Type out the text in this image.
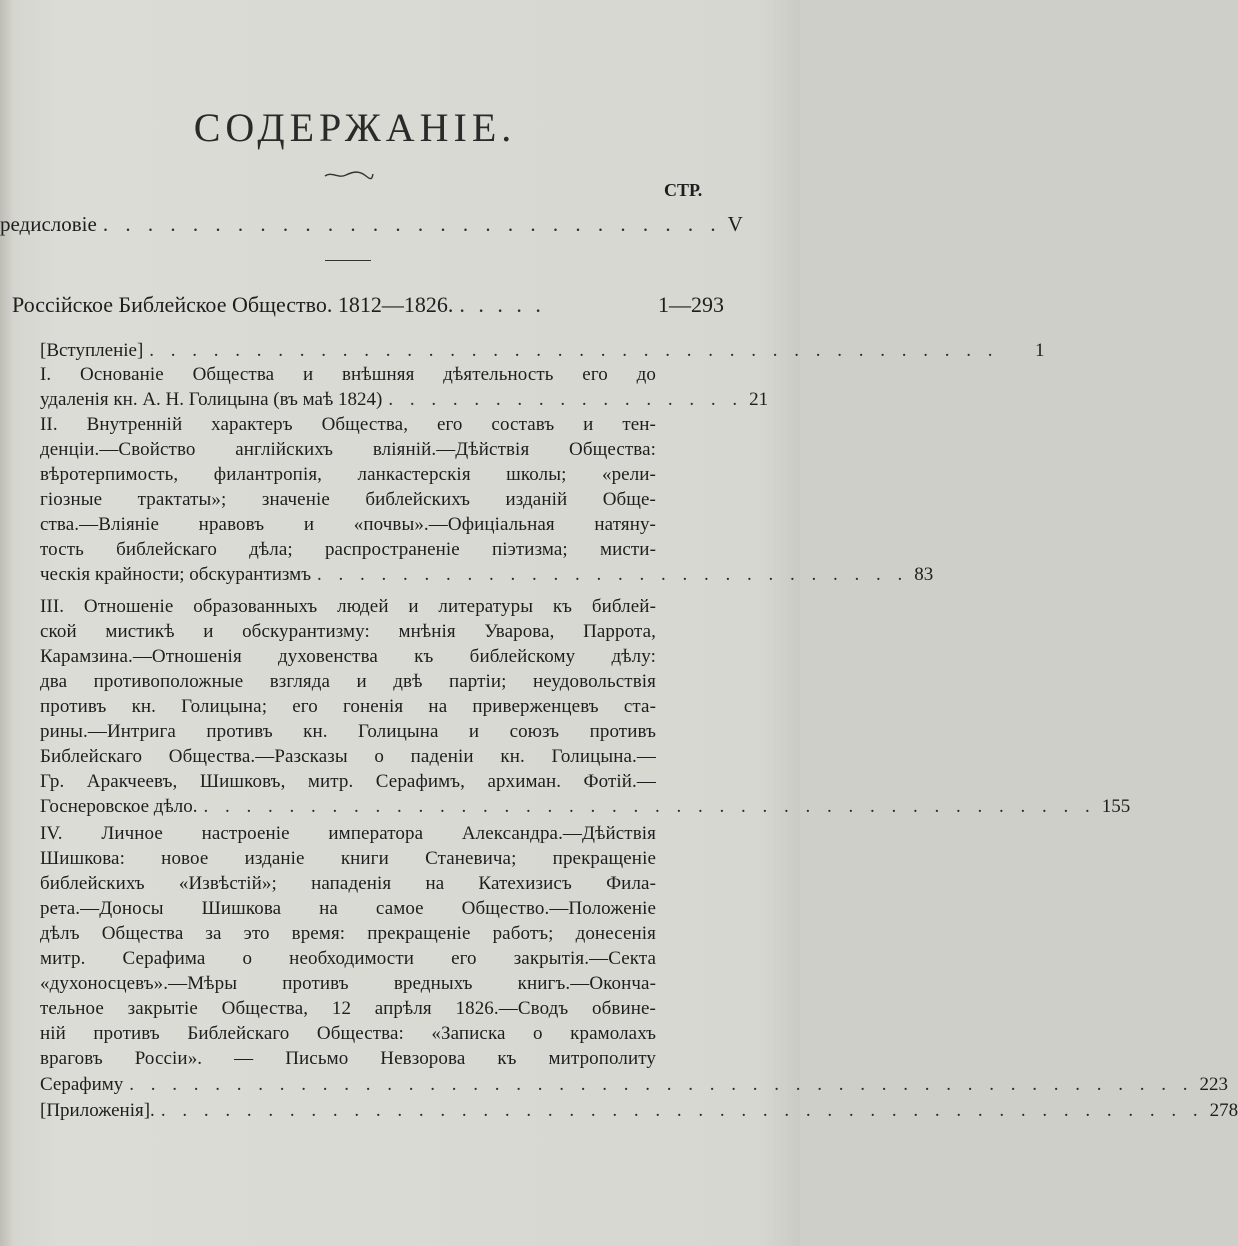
СОДЕРЖАНІЕ.
СТР.
редисловіе . . . . . . . . . . . . . . . . . . . . . . . . . . . . V
Россійское Библейское Общество. 1812—1826. . . . . .	1—293
[Вступленіе] . . . . . . . . . . . . . . . . . . . . . . . . . . . . . . . . . . . . . . . .	1
I. Основаніе Общества и внѣшняя дѣятельность его до
удаленія кн. А. Н. Голицына (въ маѣ 1824) . . . . . . . . . . . . . . . . . 21
II. Внутренній характеръ Общества, его составъ и тен-
денціи.—Свойство англійскихъ вліяній.—Дѣйствія Общества:
вѣротерпимость, филантропія, ланкастерскія школы; «рели-
гіозные трактаты»; значеніе библейскихъ изданій Обще-
ства.—Вліяніе нравовъ и «почвы».—Офиціальная натяну-
тость библейскаго дѣла; распространеніе піэтизма; мисти-
ческія крайности; обскурантизмъ . . . . . . . . . . . . . . . . . . . . . . . . . . . . 83
III. Отношеніе образованныхъ людей и литературы къ библей-
ской мистикѣ и обскурантизму: мнѣнія Уварова, Паррота,
Карамзина.—Отношенія духовенства къ библейскому дѣлу:
два противоположные взгляда и двѣ партіи; неудовольствія
противъ кн. Голицына; его гоненія на приверженцевъ ста-
рины.—Интрига противъ кн. Голицына и союзъ противъ
Библейскаго Общества.—Разсказы о паденіи кн. Голицына.—
Гр. Аракчеевъ, Шишковъ, митр. Серафимъ, архиман. Фотій.—
Госнеровское дѣло. . . . . . . . . . . . . . . . . . . . . . . . . . . . . . . . . . . . . . . . . . . 155
IV. Личное настроеніе императора Александра.—Дѣйствія
Шишкова: новое изданіе книги Станевича; прекращеніе
библейскихъ «Извѣстій»; нападенія на Катехизисъ Фила-
рета.—Доносы Шишкова на самое Общество.—Положеніе
дѣлъ Общества за это время: прекращеніе работъ; донесенія
митр. Серафима о необходимости его закрытія.—Секта
«духоносцевъ».—Мѣры противъ вредныхъ книгъ.—Оконча-
тельное закрытіе Общества, 12 апрѣля 1826.—Сводъ обвине-
ній противъ Библейскаго Общества: «Записка о крамолахъ
враговъ Россіи». — Письмо Невзорова къ митрополиту
Серафиму . . . . . . . . . . . . . . . . . . . . . . . . . . . . . . . . . . . . . . . . . . . . . . . . . . 223
[Приложенія]. . . . . . . . . . . . . . . . . . . . . . . . . . . . . . . . . . . . . . . . . . . . . . . . . . 278
